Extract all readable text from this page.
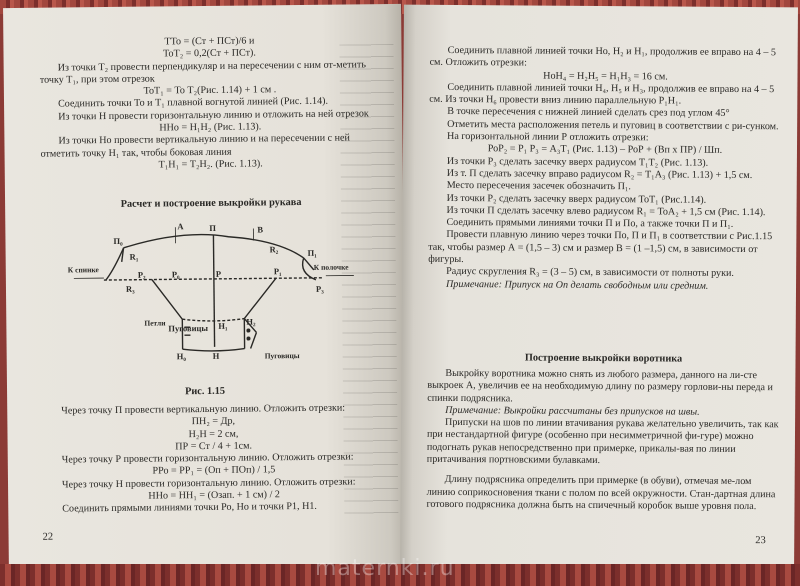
ТТо = (Ст + ПСт)/6 и

ТоТ₂ = 0,2(Ст + ПСт).

Из точки Т₂ провести перпендикуляр и на пересечении с ним от-метить точку Т₁, при этом отрезок

ТоТ₁ = То Т₂(Рис. 1.14) + 1 см .

Соединить точки То и Т₁ плавной вогнутой линией (Рис. 1.14).

Из точки Н провести горизонтальную линию и отложить на ней отрезок

ННо = Н₁Н₂ (Рис. 1.13).

Из точки Но провести вертикальную линию и на пересечении с ней отметить точку Н₁ так, чтобы боковая линия

Т₁Н₁ = Т₂Н₂. (Рис. 1.13).

Расчет и построение выкройки рукава
П₀
П
П₁
A	B
R₁
R₂
R₃
P₁
P₂
P₃
P₀	P
Пуговицы H₁ H₂
H₀	H
К спинке	К полочке
Петли
Пуговицы
Рис. 1.15

Через точку П провести вертикальную линию. Отложить отрезки:

ПН₂ = Др,

Н₂Н = 2 см,

ПР = Ст / 4 + 1см.

Через точку Р провести горизонтальную линию. Отложить отрезки:

РРо = РР₁ = (Оп + ПОп) / 1,5

Через точку Н провести горизонтальную линию. Отложить отрезки:

ННо = НН₁ = (Озап. + 1 см) / 2

Соединить прямыми линиями точки Ро, Но и точки Р1, Н1.

22

Соединить плавной линией точки Но, Н₂ и Н₁, продолжив ее вправо на 4 – 5 см. Отложить отрезки:

НоН₄ = Н₂Н₅ = Н₁Н₃ = 16 см.

Соединить плавной линией точки Н₄, Н₅ и Н₃, продолжив ее вправо на 4 – 5 см. Из точки Н₆ провести вниз линию параллельную Р₁Н₁.

В точке пересечения с нижней линией сделать срез под углом 45°

Отметить места расположения петель и пуговиц в соответствии с ри-сунком.

На горизонтальной линии Р отложить отрезки:

РоР₂ = Р₁ Р₃ = А₃Т₁ (Рис. 1.13) – РоР + (Вп х ПР) / Шп.

Из точки Р₃ сделать засечку вверх радиусом Т₁Т₂ (Рис. 1.13).

Из т. П сделать засечку вправо радиусом R₂ = Т₁А₃ (Рис. 1.13) + 1,5 см.

Место пересечения засечек обозначить П₁.

Из точки Р₂ сделать засечку вверх радиусом ТоТ₁ (Рис.1.14).

Из точки П сделать засечку влево радиусом R₁ = ТоА₂ + 1,5 см (Рис. 1.14).

Соединить прямыми линиями точки П и По, а также точки П и П₁.

Провести плавную линию через точки По, П и П₁ в соответствии с Рис.1.15 так, чтобы размер А = (1,5 – 3) см и размер В = (1 –1,5) см, в зависимости от фигуры.

Радиус скругления R₃ = (3 – 5) см, в зависимости от полноты руки.

Примечание: Припуск на Оп делать свободным или средним.

Построение выкройки воротника

Выкройку воротника можно снять из любого размера, данного на ли-сте выкроек А, увеличив ее на необходимую длину по размеру горлови-ны переда и спинки подрясника.

Примечание: Выкройки рассчитаны без припусков на швы.

Припуски на шов по линии втачивания рукава желательно увеличить, так как при нестандартной фигуре (особенно при несимметричной фи-гуре) можно подогнать рукав непосредственно при примерке, прикалы-вая по линии притачивания портновскими булавками.

Длину подрясника определить при примерке (в обуви), отмечая ме-лом линию соприкосновения ткани с полом по всей окружности. Стан-дартная длина готового подрясника должна быть на спичечный коробок выше уровня пола.

23
maternki.ru
